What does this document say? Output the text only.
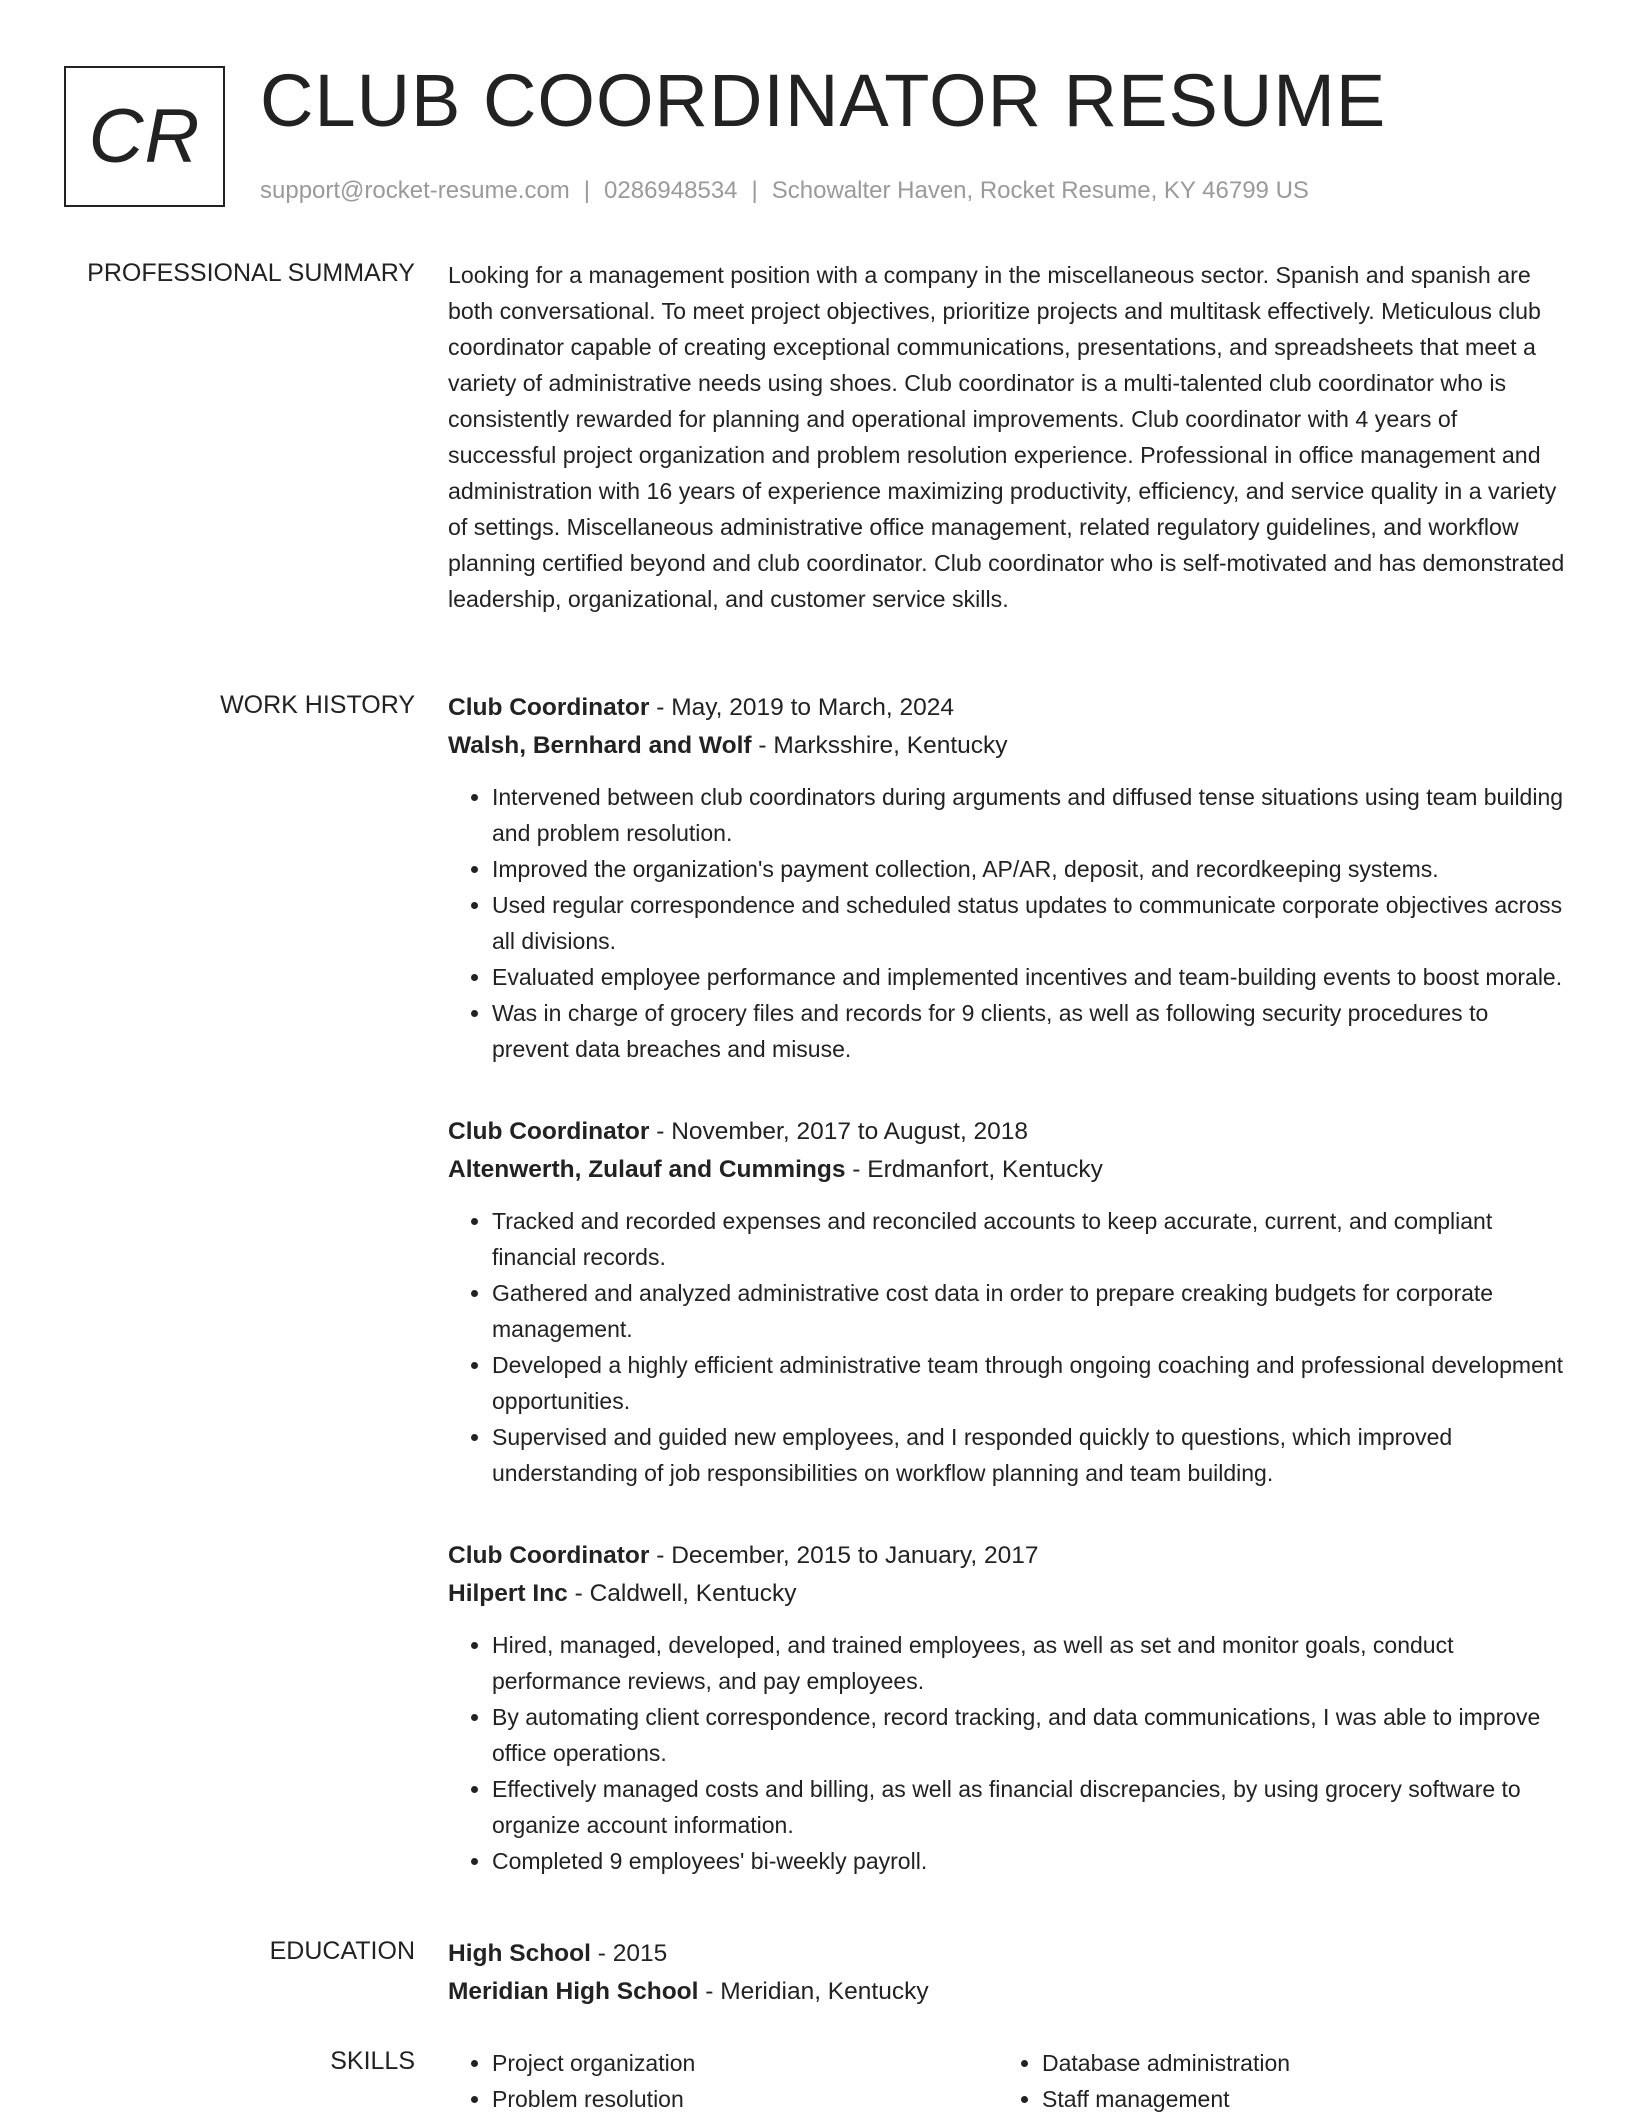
CR CLUB COORDINATOR RESUME
support@rocket-resume.com | 0286948534 | Schowalter Haven, Rocket Resume, KY 46799 US
PROFESSIONAL SUMMARY Looking for a management position with a company in the miscellaneous sector. Spanish and spanish are both conversational. To meet project objectives, prioritize projects and multitask effectively. Meticulous club coordinator capable of creating exceptional communications, presentations, and spreadsheets that meet a variety of administrative needs using shoes. Club coordinator is a multi-talented club coordinator who is consistently rewarded for planning and operational improvements. Club coordinator with 4 years of successful project organization and problem resolution experience. Professional in office management and administration with 16 years of experience maximizing productivity, efficiency, and service quality in a variety of settings. Miscellaneous administrative office management, related regulatory guidelines, and workflow planning certified beyond and club coordinator. Club coordinator who is self-motivated and has demonstrated leadership, organizational, and customer service skills.

WORK HISTORY Club Coordinator - May, 2019 to March, 2024
Walsh, Bernhard and Wolf - Marksshire, Kentucky
• Intervened between club coordinators during arguments and diffused tense situations using team building and problem resolution.
• Improved the organization's payment collection, AP/AR, deposit, and recordkeeping systems.
• Used regular correspondence and scheduled status updates to communicate corporate objectives across all divisions.
• Evaluated employee performance and implemented incentives and team-building events to boost morale.
• Was in charge of grocery files and records for 9 clients, as well as following security procedures to prevent data breaches and misuse.
Club Coordinator - November, 2017 to August, 2018
Altenwerth, Zulauf and Cummings - Erdmanfort, Kentucky
• Tracked and recorded expenses and reconciled accounts to keep accurate, current, and compliant financial records.
• Gathered and analyzed administrative cost data in order to prepare creaking budgets for corporate management.
• Developed a highly efficient administrative team through ongoing coaching and professional development opportunities.
• Supervised and guided new employees, and I responded quickly to questions, which improved understanding of job responsibilities on workflow planning and team building.
Club Coordinator - December, 2015 to January, 2017
Hilpert Inc - Caldwell, Kentucky
• Hired, managed, developed, and trained employees, as well as set and monitor goals, conduct performance reviews, and pay employees.
• By automating client correspondence, record tracking, and data communications, I was able to improve office operations.
• Effectively managed costs and billing, as well as financial discrepancies, by using grocery software to organize account information.
• Completed 9 employees' bi-weekly payroll.
EDUCATION High School - 2015
Meridian High School - Meridian, Kentucky
SKILLS
•	Project organization
• Problem resolution
• Database administration
• Staff management
